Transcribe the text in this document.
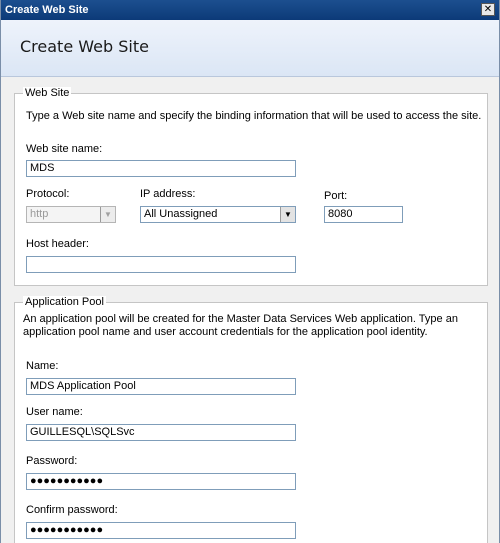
Create Web Site	✕
Create Web Site
Web Site
Type a Web site name and specify the binding information that will be used to access the site.
Web site name:
MDS
Protocol:
http	▼
IP address:
All Unassigned	▼
Port:
8080
Host header:
Application Pool
An application pool will be created for the Master Data Services Web application. Type an
application pool name and user account credentials for the application pool identity.
Name:
MDS Application Pool
User name:
GUILLESQL\SQLSvc
Password:
●●●●●●●●●●●
Confirm password:
●●●●●●●●●●●
